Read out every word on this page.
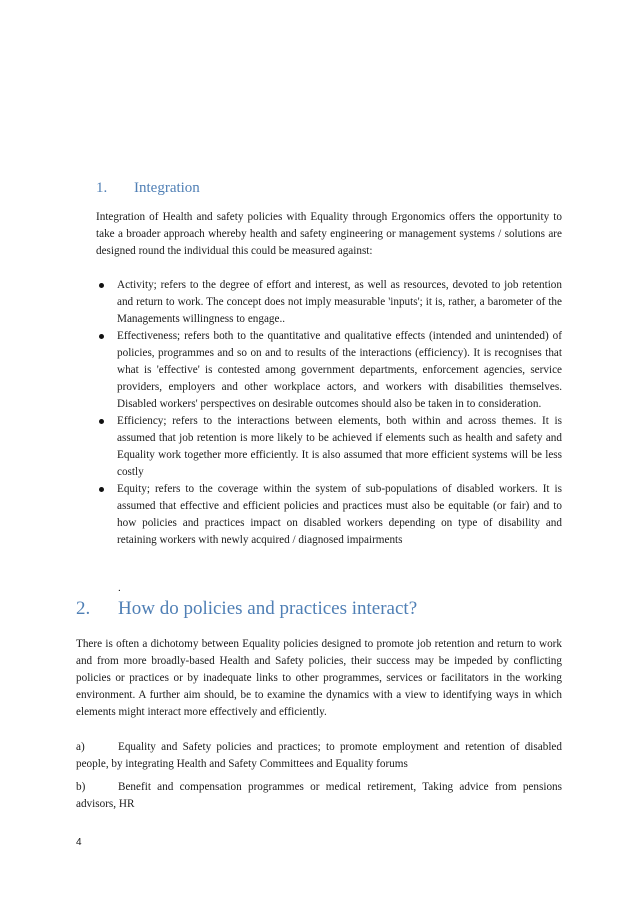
1. Integration
Integration of Health and safety policies with Equality through Ergonomics offers the opportunity to take a broader approach whereby health and safety engineering or management systems / solutions are designed round the individual this could be measured against:
Activity; refers to the degree of effort and interest, as well as resources, devoted to job retention and return to work. The concept does not imply measurable 'inputs'; it is, rather, a barometer of the Managements willingness to engage..
Effectiveness; refers both to the quantitative and qualitative effects (intended and unintended) of policies, programmes and so on and to results of the interactions (efficiency). It is recognises that what is 'effective' is contested among government departments, enforcement agencies, service providers, employers and other workplace actors, and workers with disabilities themselves. Disabled workers' perspectives on desirable outcomes should also be taken in to consideration.
Efficiency; refers to the interactions between elements, both within and across themes. It is assumed that job retention is more likely to be achieved if elements such as health and safety and Equality work together more efficiently. It is also assumed that more efficient systems will be less costly
Equity; refers to the coverage within the system of sub-populations of disabled workers. It is assumed that effective and efficient policies and practices must also be equitable (or fair) and to how policies and practices impact on disabled workers depending on type of disability and retaining workers with newly acquired / diagnosed impairments
.
2. How do policies and practices interact?
There is often a dichotomy between Equality policies designed to promote job retention and return to work and from more broadly-based Health and Safety policies, their success may be impeded by conflicting policies or practices or by inadequate links to other programmes, services or facilitators in the working environment. A further aim should, be to examine the dynamics with a view to identifying ways in which elements might interact more effectively and efficiently.
a)	Equality and Safety policies and practices; to promote employment and retention of disabled people, by integrating Health and Safety Committees and Equality forums
b)	Benefit and compensation programmes or medical retirement, Taking advice from pensions advisors, HR
4
